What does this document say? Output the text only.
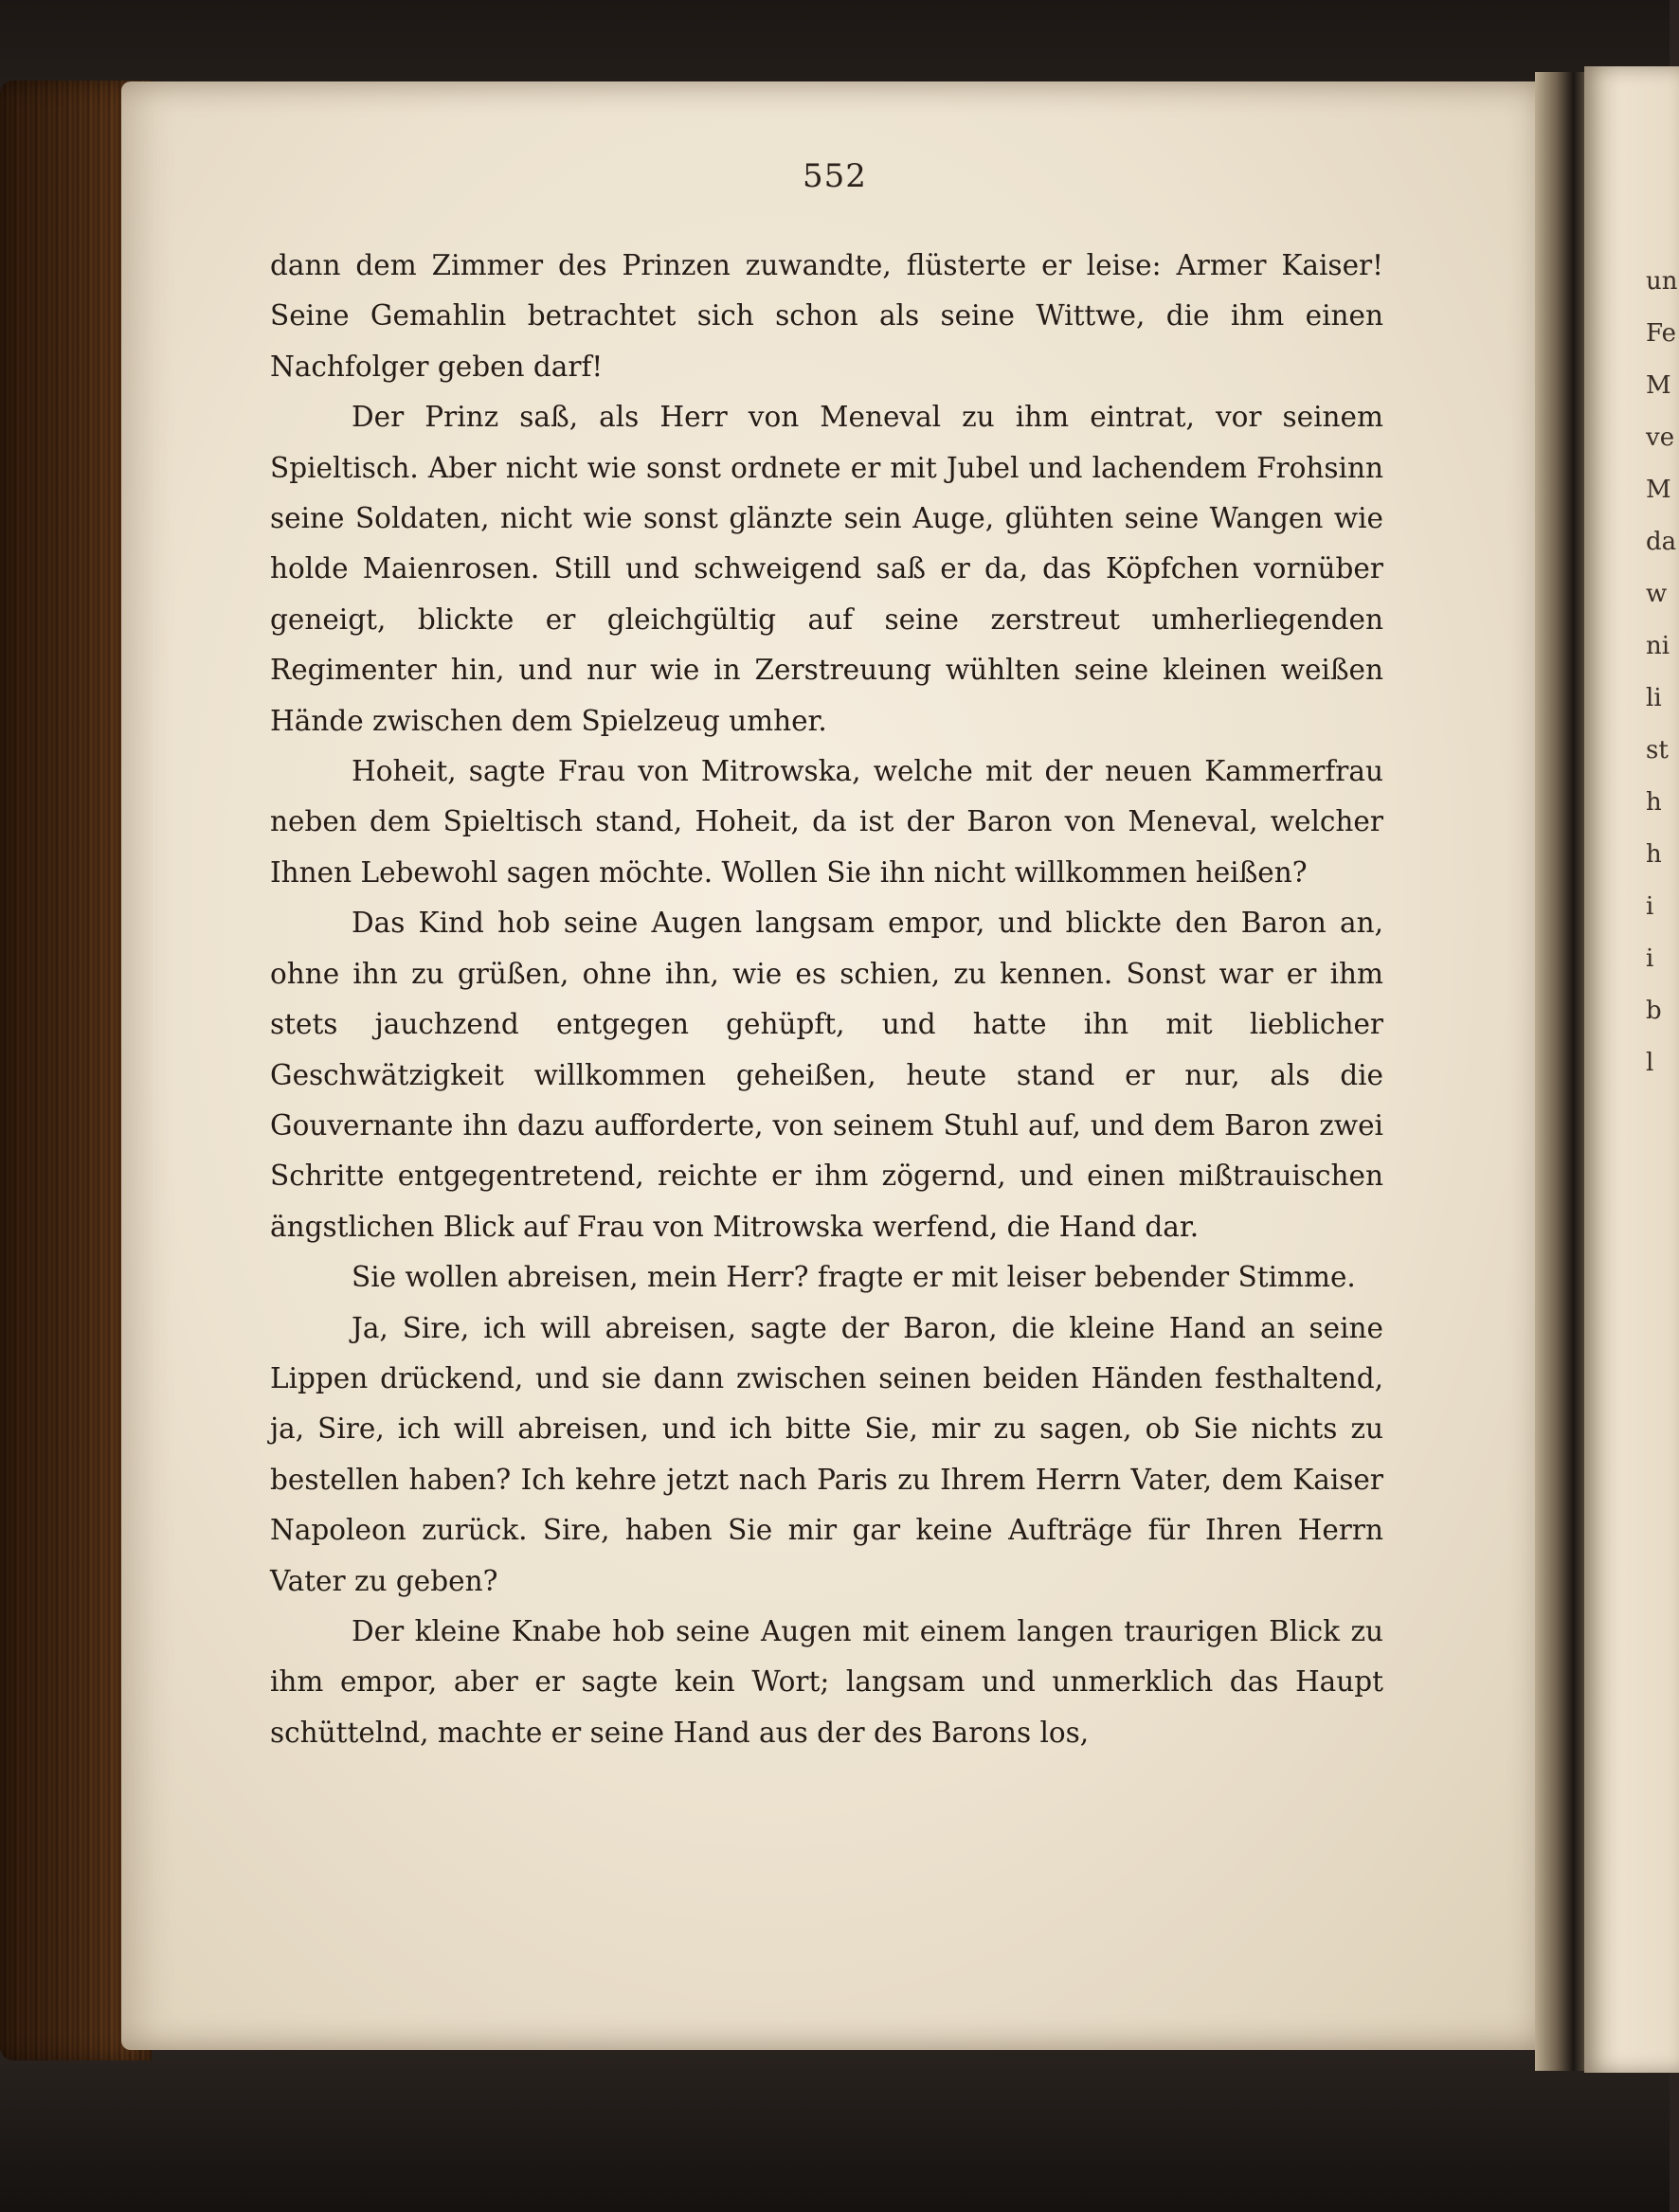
un
Fe
M
ve
M
da
w
ni
li
st
h
h
i
i
b
l
552

dann dem Zimmer des Prinzen zuwandte, flüsterte er leise: Armer Kaiser! Seine Gemahlin betrachtet sich schon als seine Wittwe, die ihm einen Nachfolger geben darf!

Der Prinz saß, als Herr von Meneval zu ihm eintrat, vor seinem Spieltisch. Aber nicht wie sonst ordnete er mit Jubel und lachendem Frohsinn seine Soldaten, nicht wie sonst glänzte sein Auge, glühten seine Wangen wie holde Maienrosen. Still und schweigend saß er da, das Köpfchen vornüber geneigt, blickte er gleichgültig auf seine zerstreut umherliegenden Regimenter hin, und nur wie in Zerstreuung wühlten seine kleinen weißen Hände zwischen dem Spielzeug umher.

Hoheit, sagte Frau von Mitrowska, welche mit der neuen Kammerfrau neben dem Spieltisch stand, Hoheit, da ist der Baron von Meneval, welcher Ihnen Lebewohl sagen möchte. Wollen Sie ihn nicht willkommen heißen?

Das Kind hob seine Augen langsam empor, und blickte den Baron an, ohne ihn zu grüßen, ohne ihn, wie es schien, zu kennen. Sonst war er ihm stets jauchzend entgegen gehüpft, und hatte ihn mit lieblicher Geschwätzigkeit willkommen geheißen, heute stand er nur, als die Gouvernante ihn dazu aufforderte, von seinem Stuhl auf, und dem Baron zwei Schritte entgegentretend, reichte er ihm zögernd, und einen mißtrauischen ängstlichen Blick auf Frau von Mitrowska werfend, die Hand dar.

Sie wollen abreisen, mein Herr? fragte er mit leiser bebender Stimme.

Ja, Sire, ich will abreisen, sagte der Baron, die kleine Hand an seine Lippen drückend, und sie dann zwischen seinen beiden Händen festhaltend, ja, Sire, ich will abreisen, und ich bitte Sie, mir zu sagen, ob Sie nichts zu bestellen haben? Ich kehre jetzt nach Paris zu Ihrem Herrn Vater, dem Kaiser Napoleon zurück. Sire, haben Sie mir gar keine Aufträge für Ihren Herrn Vater zu geben?

Der kleine Knabe hob seine Augen mit einem langen traurigen Blick zu ihm empor, aber er sagte kein Wort; langsam und unmerklich das Haupt schüttelnd, machte er seine Hand aus der des Barons los,
